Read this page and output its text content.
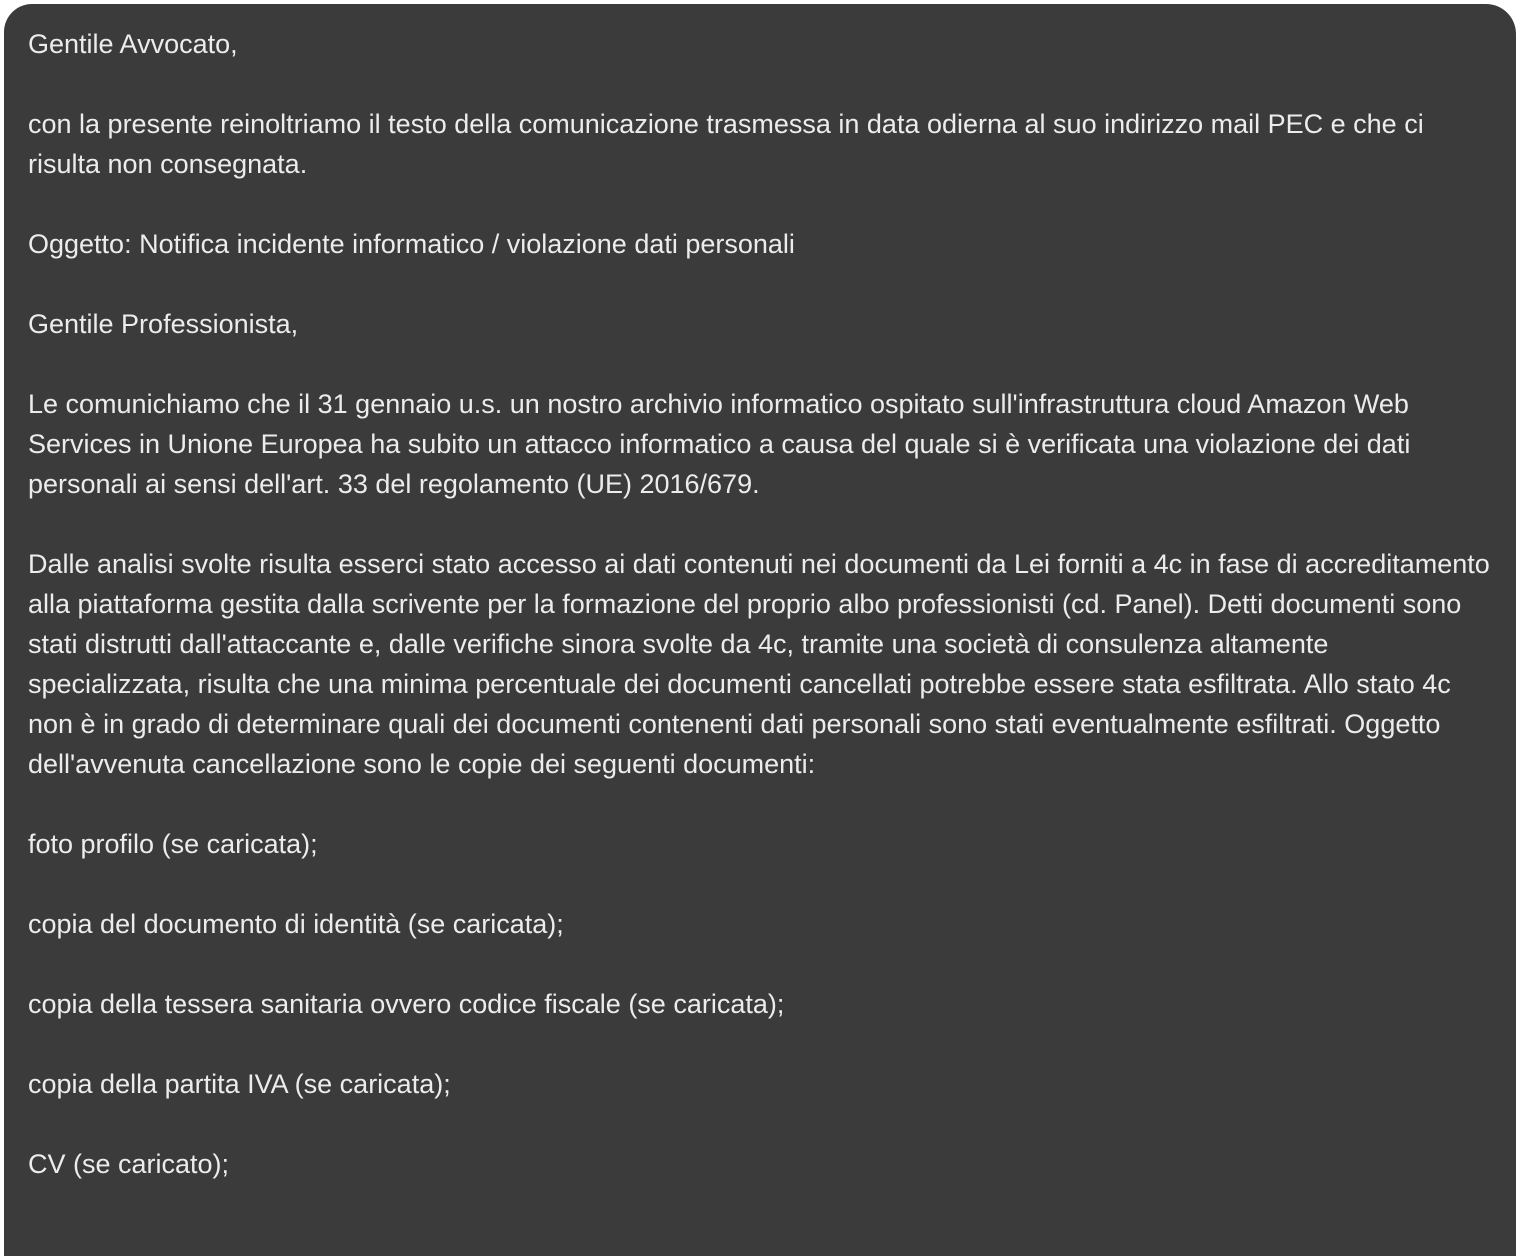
Gentile Avvocato,

con la presente reinoltriamo il testo della comunicazione trasmessa in data odierna al suo indirizzo mail PEC e che ci risulta non consegnata.

Oggetto: Notifica incidente informatico / violazione dati personali

Gentile Professionista,

Le comunichiamo che il 31 gennaio u.s. un nostro archivio informatico ospitato sull'infrastruttura cloud Amazon Web Services in Unione Europea ha subito un attacco informatico a causa del quale si è verificata una violazione dei dati personali ai sensi dell'art. 33 del regolamento (UE) 2016/679.

Dalle analisi svolte risulta esserci stato accesso ai dati contenuti nei documenti da Lei forniti a 4c in fase di accreditamento alla piattaforma gestita dalla scrivente per la formazione del proprio albo professionisti (cd. Panel). Detti documenti sono stati distrutti dall'attaccante e, dalle verifiche sinora svolte da 4c, tramite una società di consulenza altamente specializzata, risulta che una minima percentuale dei documenti cancellati potrebbe essere stata esfiltrata. Allo stato 4c non è in grado di determinare quali dei documenti contenenti dati personali sono stati eventualmente esfiltrati. Oggetto dell'avvenuta cancellazione sono le copie dei seguenti documenti:

foto profilo (se caricata);

copia del documento di identità (se caricata);

copia della tessera sanitaria ovvero codice fiscale (se caricata);

copia della partita IVA (se caricata);

CV (se caricato);
